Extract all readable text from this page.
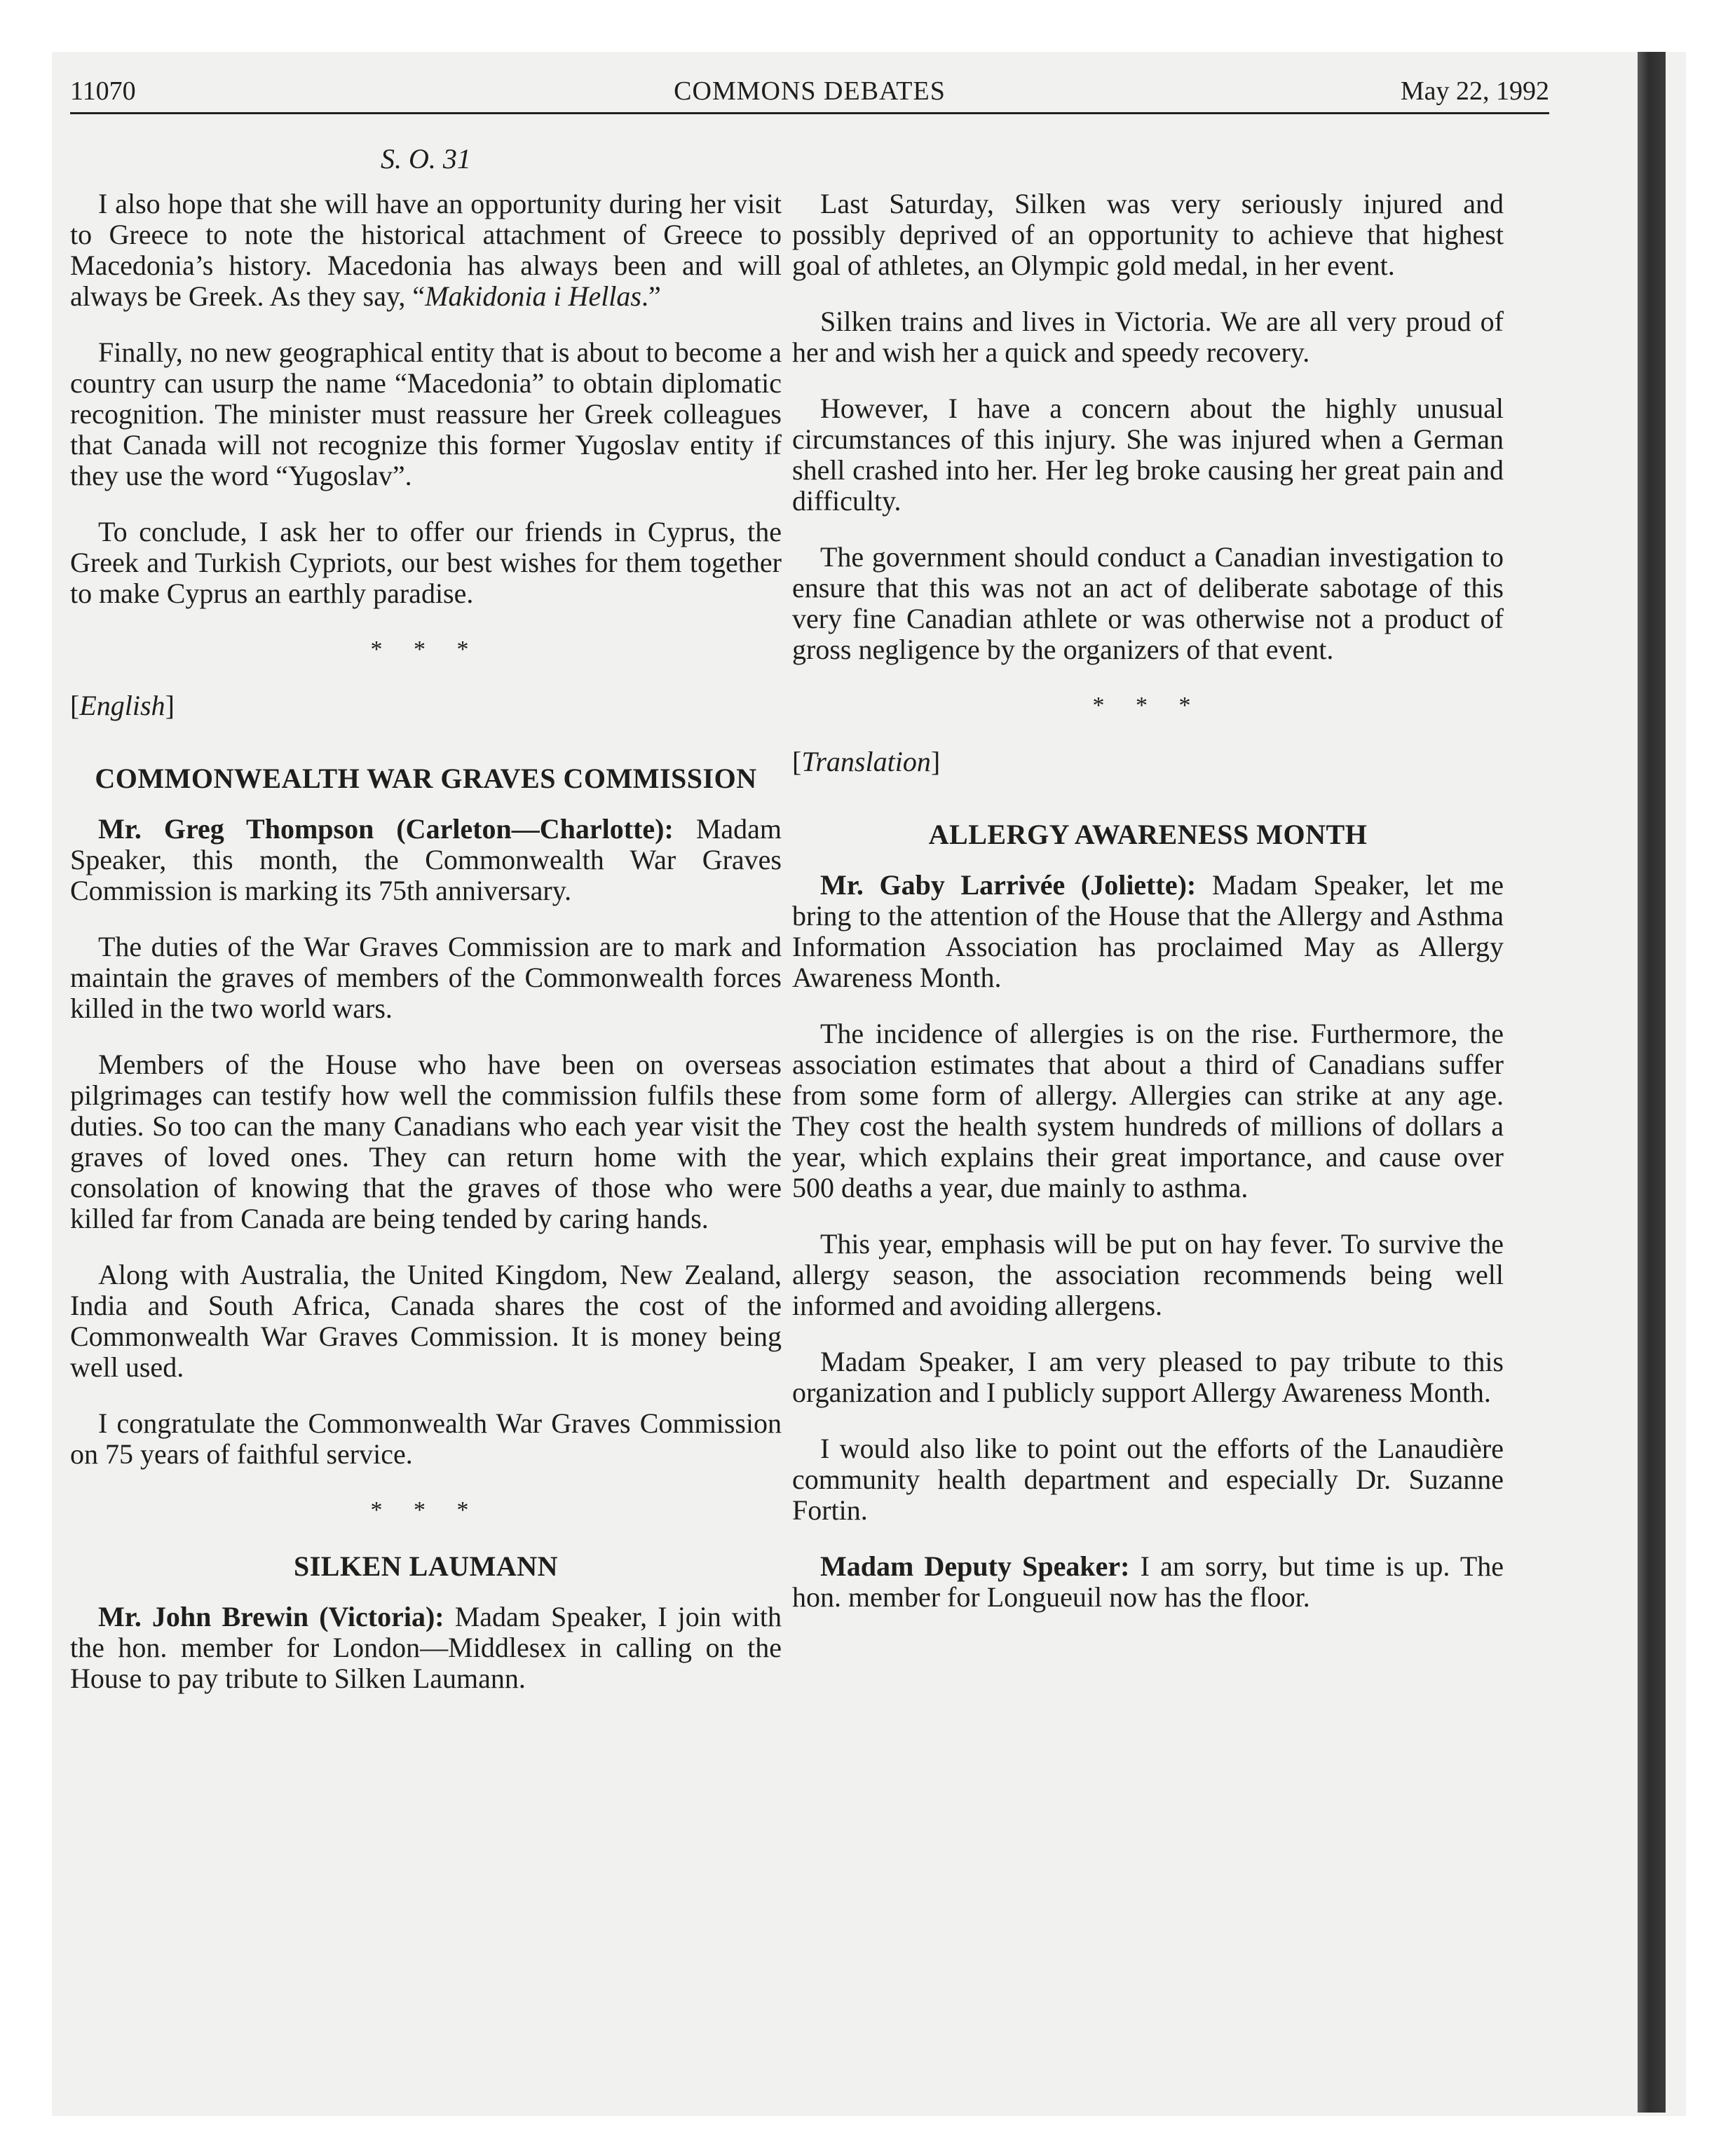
11070	COMMONS DEBATES	May 22, 1992
S. O. 31

I also hope that she will have an opportunity during her visit to Greece to note the historical attachment of Greece to Macedonia’s history. Macedonia has always been and will always be Greek. As they say, “Makidonia i Hellas.”

Finally, no new geographical entity that is about to become a country can usurp the name “Macedonia” to obtain diplomatic recognition. The minister must reassure her Greek colleagues that Canada will not recognize this former Yugoslav entity if they use the word “Yugoslav”.

To conclude, I ask her to offer our friends in Cyprus, the Greek and Turkish Cypriots, our best wishes for them together to make Cyprus an earthly paradise.

* * *
[English]
COMMONWEALTH WAR GRAVES COMMISSION

Mr. Greg Thompson (Carleton—Charlotte): Madam Speaker, this month, the Commonwealth War Graves Commission is marking its 75th anniversary.

The duties of the War Graves Commission are to mark and maintain the graves of members of the Commonwealth forces killed in the two world wars.

Members of the House who have been on overseas pilgrimages can testify how well the commission fulfils these duties. So too can the many Canadians who each year visit the graves of loved ones. They can return home with the consolation of knowing that the graves of those who were killed far from Canada are being tended by caring hands.

Along with Australia, the United Kingdom, New Zealand, India and South Africa, Canada shares the cost of the Commonwealth War Graves Commission. It is money being well used.

I congratulate the Commonwealth War Graves Commission on 75 years of faithful service.

* * *
SILKEN LAUMANN

Mr. John Brewin (Victoria): Madam Speaker, I join with the hon. member for London—Middlesex in calling on the House to pay tribute to Silken Laumann.

Last Saturday, Silken was very seriously injured and possibly deprived of an opportunity to achieve that highest goal of athletes, an Olympic gold medal, in her event.

Silken trains and lives in Victoria. We are all very proud of her and wish her a quick and speedy recovery.

However, I have a concern about the highly unusual circumstances of this injury. She was injured when a German shell crashed into her. Her leg broke causing her great pain and difficulty.

The government should conduct a Canadian investigation to ensure that this was not an act of deliberate sabotage of this very fine Canadian athlete or was otherwise not a product of gross negligence by the organizers of that event.

* * *
[Translation]
ALLERGY AWARENESS MONTH

Mr. Gaby Larrivée (Joliette): Madam Speaker, let me bring to the attention of the House that the Allergy and Asthma Information Association has proclaimed May as Allergy Awareness Month.

The incidence of allergies is on the rise. Furthermore, the association estimates that about a third of Canadians suffer from some form of allergy. Allergies can strike at any age. They cost the health system hundreds of millions of dollars a year, which explains their great importance, and cause over 500 deaths a year, due mainly to asthma.

This year, emphasis will be put on hay fever. To survive the allergy season, the association recommends being well informed and avoiding allergens.

Madam Speaker, I am very pleased to pay tribute to this organization and I publicly support Allergy Awareness Month.

I would also like to point out the efforts of the Lanaudière community health department and especially Dr. Suzanne Fortin.

Madam Deputy Speaker: I am sorry, but time is up. The hon. member for Longueuil now has the floor.
